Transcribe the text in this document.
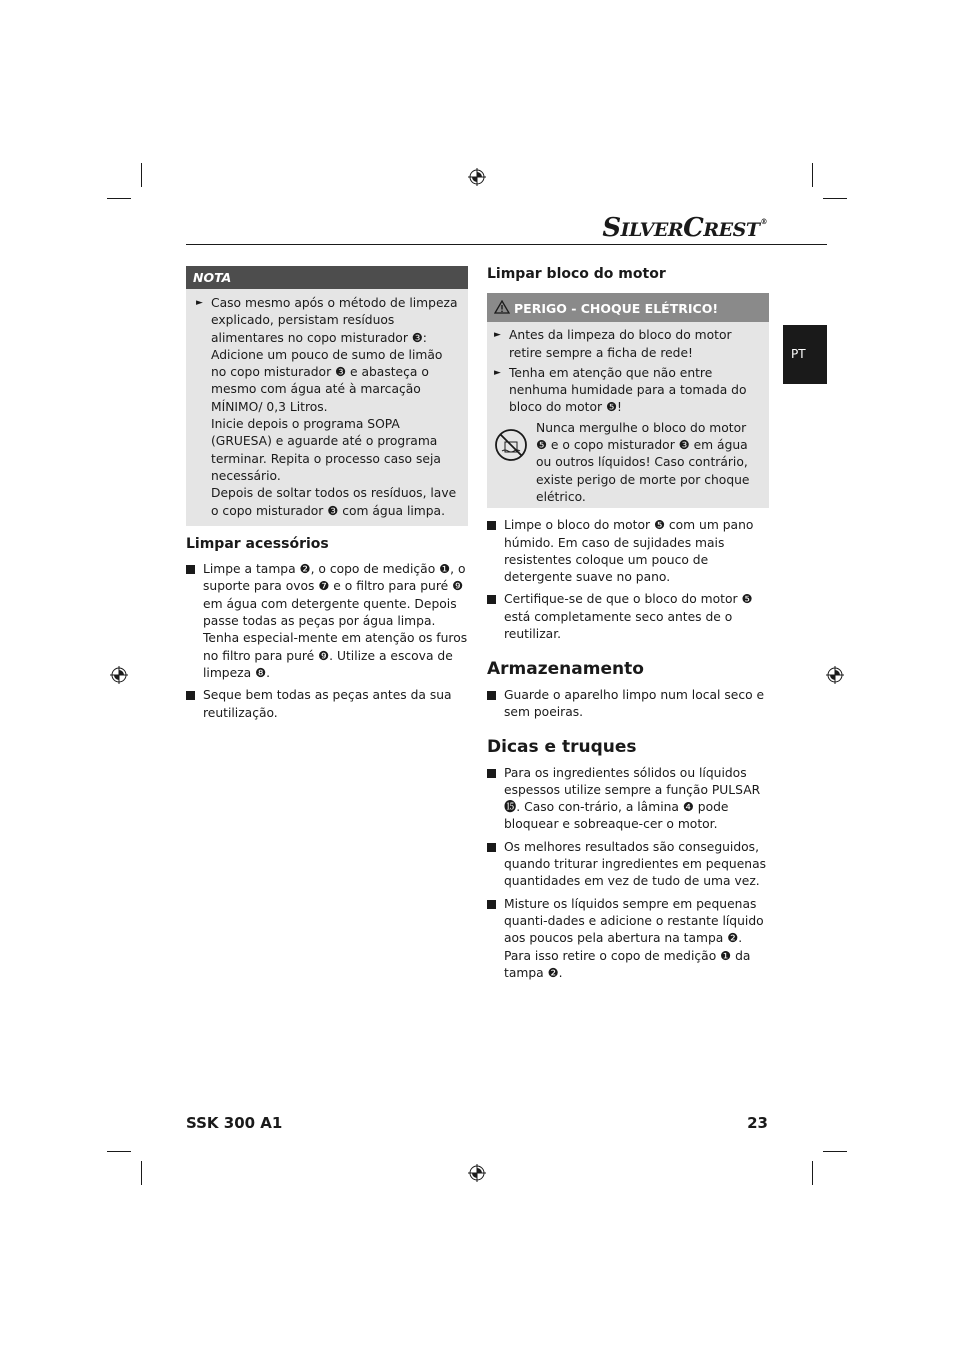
SILVERCREST®
PT
NOTA
► Caso mesmo após o método de limpeza explicado, persistam resíduos alimentares no copo misturador ❸:

Adicione um pouco de sumo de limão no copo misturador ❸ e abasteça o mesmo com água até à marcação MÍNIMO/ 0,3 Litros.

Inicie depois o programa SOPA (GRUESA) e aguarde até o programa terminar. Repita o processo caso seja necessário.

Depois de soltar todos os resíduos, lave o copo misturador ❸ com água limpa.

Limpar acessórios

Limpe a tampa ❷, o copo de medição ❶, o suporte para ovos ❼ e o filtro para puré ❾ em água com detergente quente. Depois passe todas as peças por água limpa. Tenha especial-mente em atenção os furos no filtro para puré ❾. Utilize a escova de limpeza ❽.

Seque bem todas as peças antes da sua reutilização.

Limpar bloco do motor
PERIGO - CHOQUE ELÉTRICO!
► Antes da limpeza do bloco do motor retire sempre a ficha de rede!

► Tenha em atenção que não entre nenhuma humidade para a tomada do bloco do motor ❺!

Nunca mergulhe o bloco do motor ❺ e o copo misturador ❸ em água ou outros líquidos! Caso contrário, existe perigo de morte por choque elétrico.

Limpe o bloco do motor ❺ com um pano húmido. Em caso de sujidades mais resistentes coloque um pouco de detergente suave no pano.

Certifique-se de que o bloco do motor ❺ está completamente seco antes de o reutilizar.

Armazenamento

Guarde o aparelho limpo num local seco e sem poeiras.

Dicas e truques

Para os ingredientes sólidos ou líquidos espessos utilize sempre a função PULSAR ⓯. Caso con-trário, a lâmina ❹ pode bloquear e sobreaque-cer o motor.

Os melhores resultados são conseguidos, quando triturar ingredientes em pequenas quantidades em vez de tudo de uma vez.

Misture os líquidos sempre em pequenas quanti-dades e adicione o restante líquido aos poucos pela abertura na tampa ❷. Para isso retire o copo de medição ❶ da tampa ❷.

SSK 300 A1	23
